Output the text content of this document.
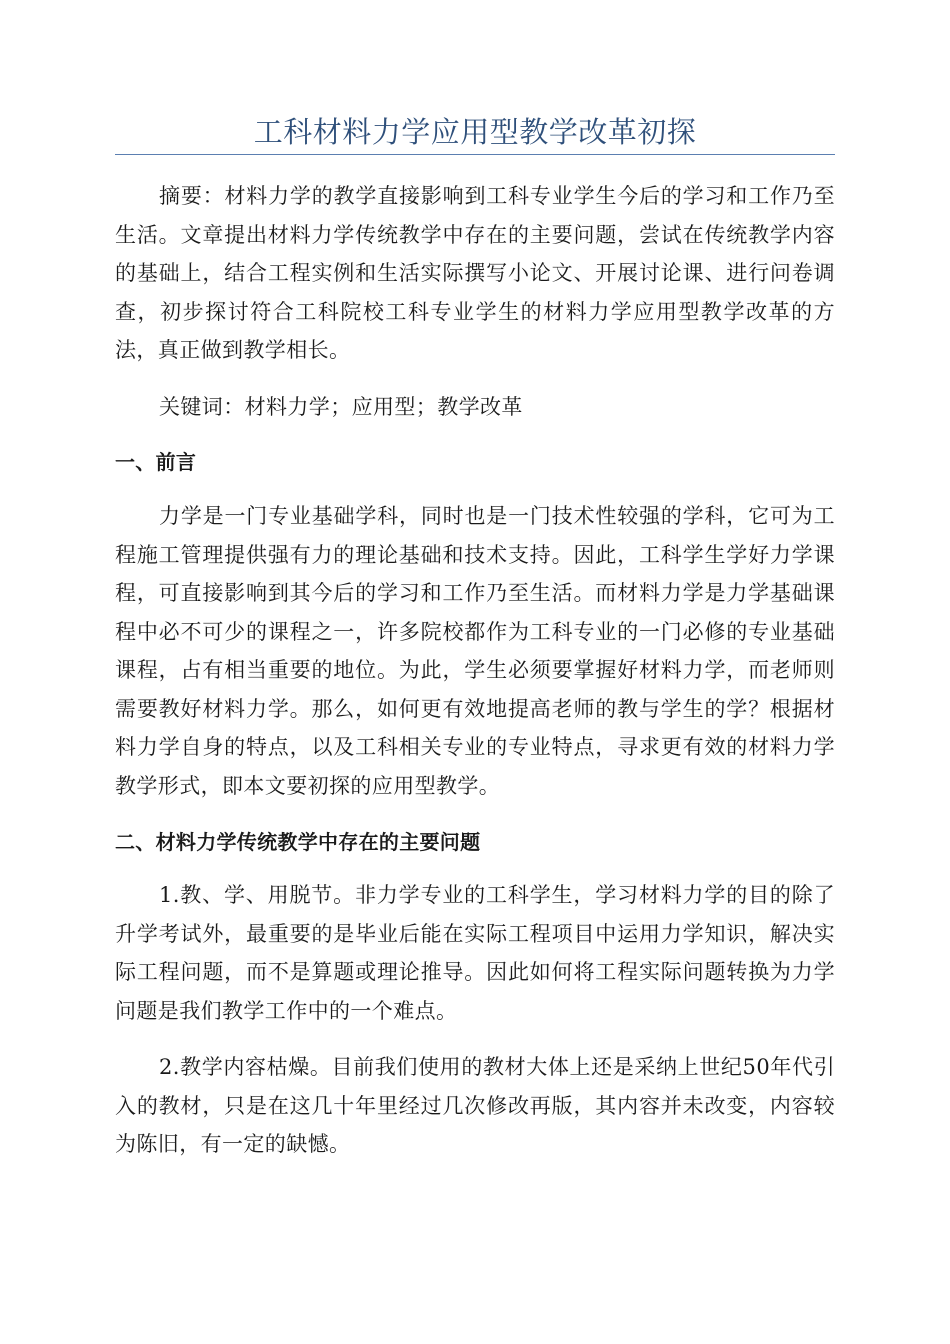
工科材料力学应用型教学改革初探

摘要：材料力学的教学直接影响到工科专业学生今后的学习和工作乃至生活。文章提出材料力学传统教学中存在的主要问题，尝试在传统教学内容的基础上，结合工程实例和生活实际撰写小论文、开展讨论课、进行问卷调查，初步探讨符合工科院校工科专业学生的材料力学应用型教学改革的方法，真正做到教学相长。

关键词：材料力学；应用型；教学改革

一、前言

力学是一门专业基础学科，同时也是一门技术性较强的学科，它可为工程施工管理提供强有力的理论基础和技术支持。因此，工科学生学好力学课程，可直接影响到其今后的学习和工作乃至生活。而材料力学是力学基础课程中必不可少的课程之一，许多院校都作为工科专业的一门必修的专业基础课程，占有相当重要的地位。为此，学生必须要掌握好材料力学，而老师则需要教好材料力学。那么，如何更有效地提高老师的教与学生的学？根据材料力学自身的特点，以及工科相关专业的专业特点，寻求更有效的材料力学教学形式，即本文要初探的应用型教学。

二、材料力学传统教学中存在的主要问题

1.教、学、用脱节。非力学专业的工科学生，学习材料力学的目的除了升学考试外，最重要的是毕业后能在实际工程项目中运用力学知识，解决实际工程问题，而不是算题或理论推导。因此如何将工程实际问题转换为力学问题是我们教学工作中的一个难点。

2.教学内容枯燥。目前我们使用的教材大体上还是采纳上世纪50年代引入的教材，只是在这几十年里经过几次修改再版，其内容并未改变，内容较为陈旧，有一定的缺憾。
